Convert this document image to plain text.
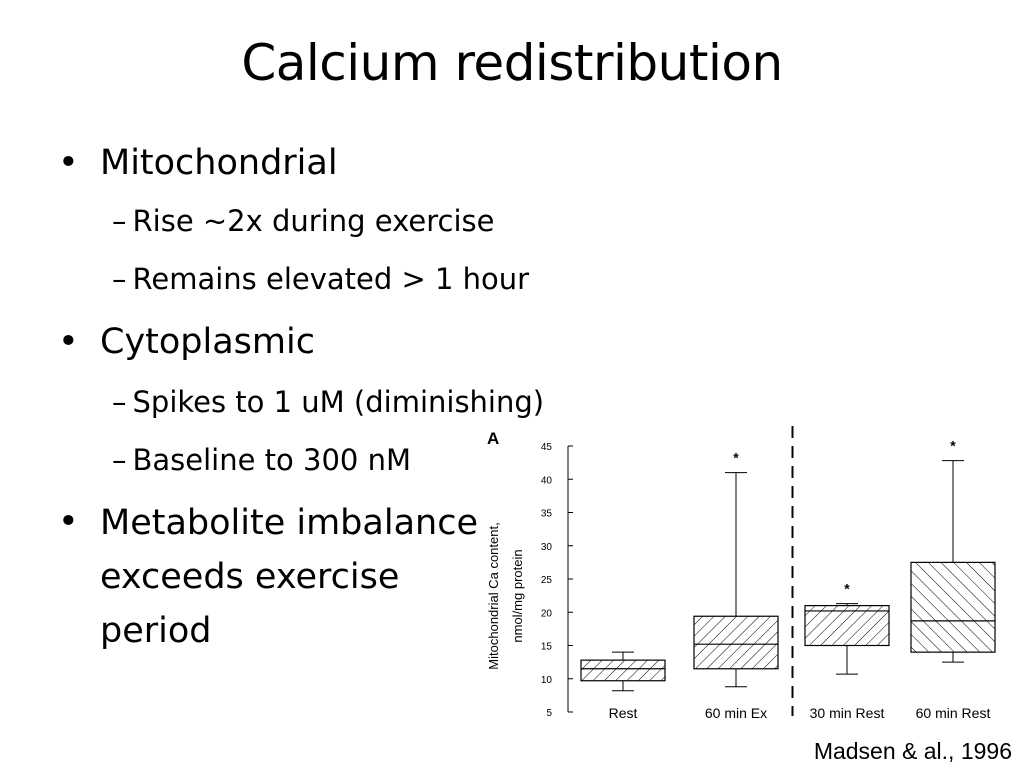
Calcium redistribution
• Mitochondrial
– Rise ~2x during exercise
– Remains elevated > 1 hour
• Cytoplasmic
– Spikes to 1 uM (diminishing)
– Baseline to 300 nM
• Metabolite imbalance exceeds exercise period
A
Mitochondrial Ca content, nmol/mg protein
5
10
15
20
25
30
35
40
45
Rest
*
60 min Ex
*
30 min Rest
*
60 min Rest
Madsen & al., 1996
